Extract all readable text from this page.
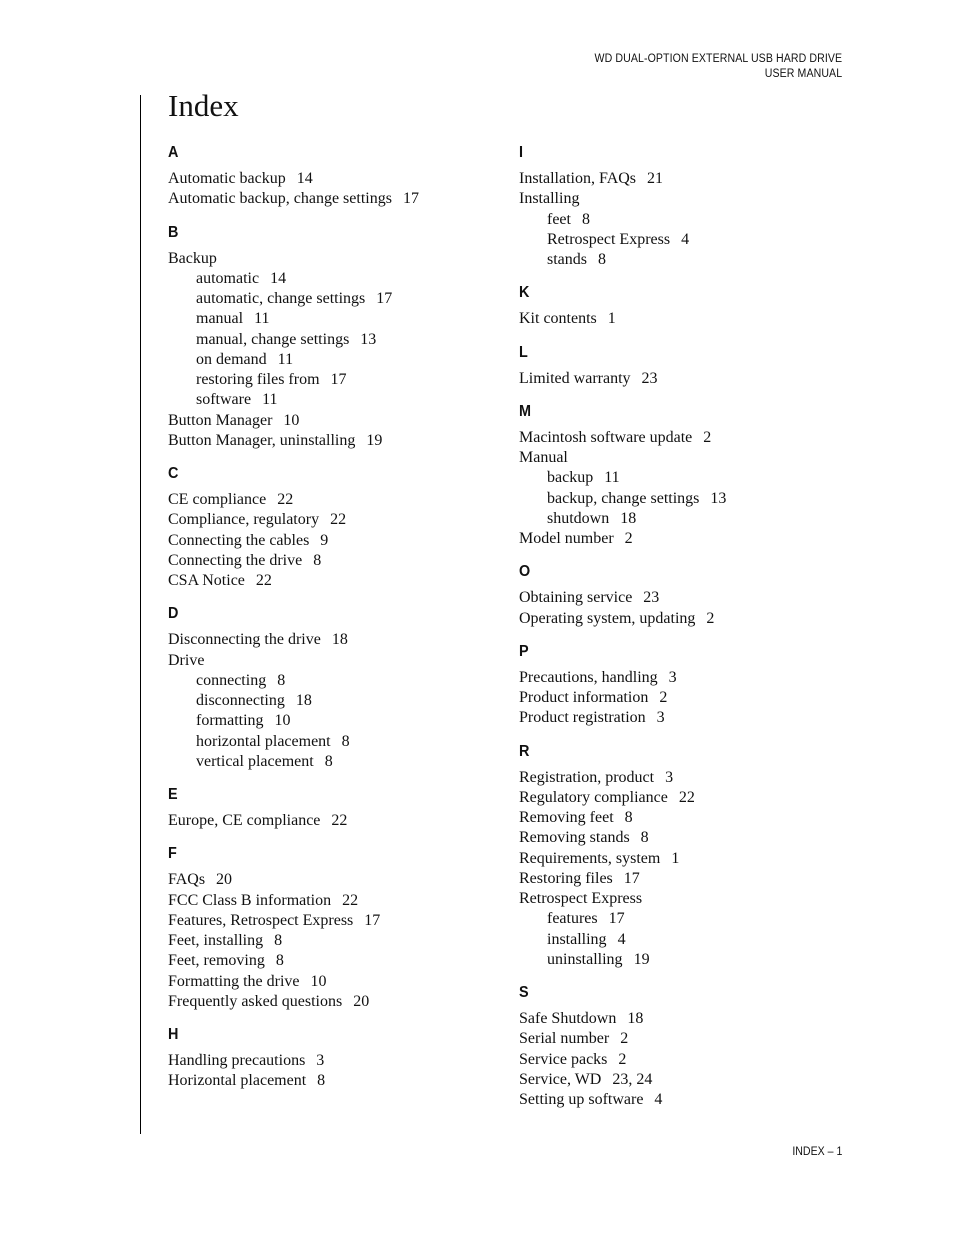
WD DUAL-OPTION EXTERNAL USB HARD DRIVE
USER MANUAL
Index
A
Automatic backup 14
Automatic backup, change settings 17
B
Backup
automatic 14
automatic, change settings 17
manual 11
manual, change settings 13
on demand 11
restoring files from 17
software 11
Button Manager 10
Button Manager, uninstalling 19
C
CE compliance 22
Compliance, regulatory 22
Connecting the cables 9
Connecting the drive 8
CSA Notice 22
D
Disconnecting the drive 18
Drive
connecting 8
disconnecting 18
formatting 10
horizontal placement 8
vertical placement 8
E
Europe, CE compliance 22
F
FAQs 20
FCC Class B information 22
Features, Retrospect Express 17
Feet, installing 8
Feet, removing 8
Formatting the drive 10
Frequently asked questions 20
H
Handling precautions 3
Horizontal placement 8
I
Installation, FAQs 21
Installing
feet 8
Retrospect Express 4
stands 8
K
Kit contents 1
L
Limited warranty 23
M
Macintosh software update 2
Manual
backup 11
backup, change settings 13
shutdown 18
Model number 2
O
Obtaining service 23
Operating system, updating 2
P
Precautions, handling 3
Product information 2
Product registration 3
R
Registration, product 3
Regulatory compliance 22
Removing feet 8
Removing stands 8
Requirements, system 1
Restoring files 17
Retrospect Express
features 17
installing 4
uninstalling 19
S
Safe Shutdown 18
Serial number 2
Service packs 2
Service, WD 23, 24
Setting up software 4
INDEX – 1
